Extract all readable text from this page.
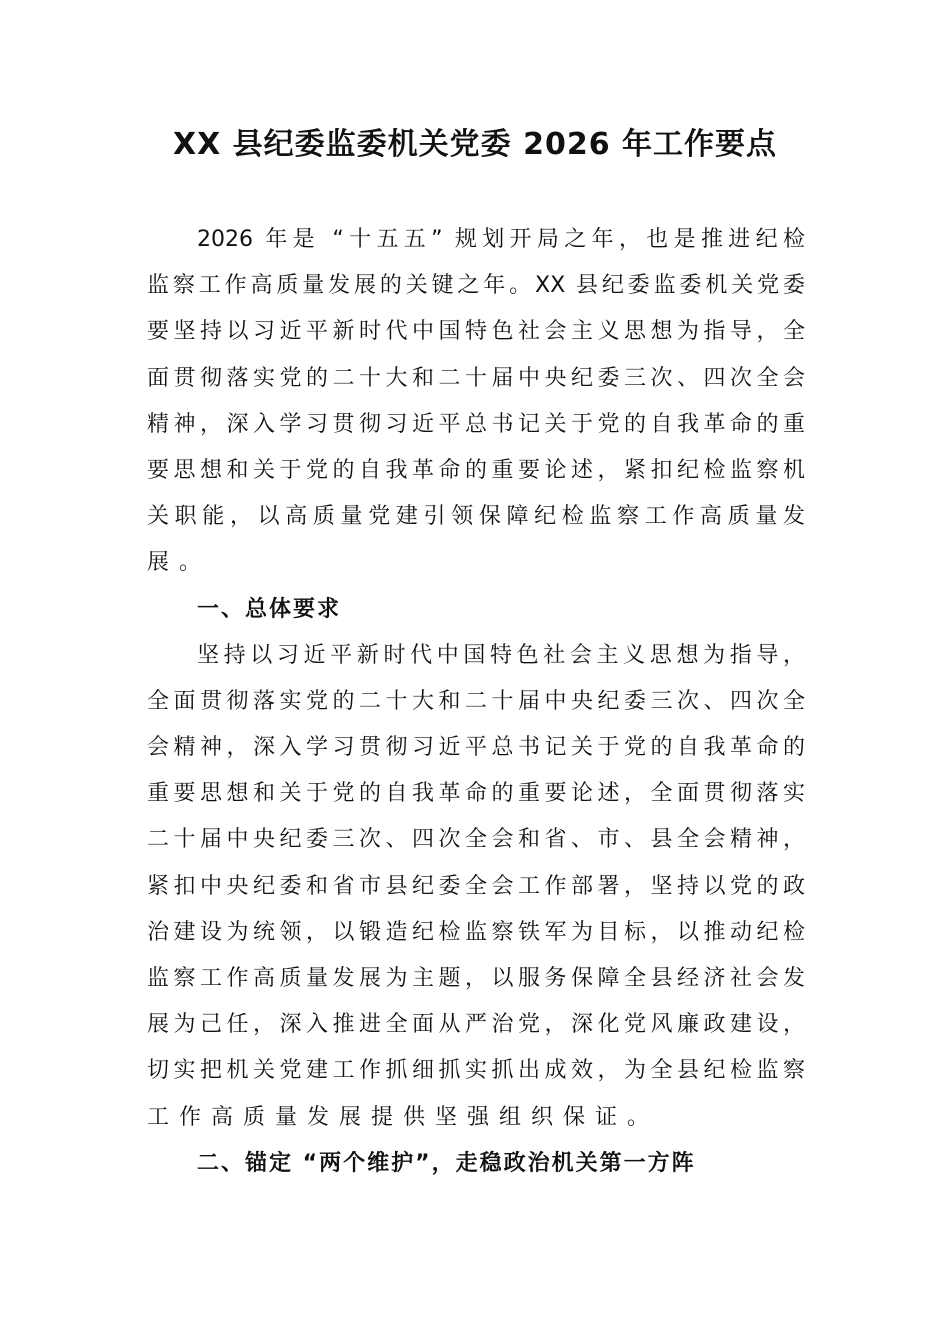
XX 县纪委监委机关党委 2026 年工作要点
2026 年是 “十五五” 规划开局之年，也是推进纪检
监察工作高质量发展的关键之年。XX 县纪委监委机关党委
要坚持以习近平新时代中国特色社会主义思想为指导，全
面贯彻落实党的二十大和二十届中央纪委三次、四次全会
精神，深入学习贯彻习近平总书记关于党的自我革命的重
要思想和关于党的自我革命的重要论述，紧扣纪检监察机
关职能，以高质量党建引领保障纪检监察工作高质量发
展。
一、总体要求
坚持以习近平新时代中国特色社会主义思想为指导，
全面贯彻落实党的二十大和二十届中央纪委三次、四次全
会精神，深入学习贯彻习近平总书记关于党的自我革命的
重要思想和关于党的自我革命的重要论述，全面贯彻落实
二十届中央纪委三次、四次全会和省、市、县全会精神，
紧扣中央纪委和省市县纪委全会工作部署，坚持以党的政
治建设为统领，以锻造纪检监察铁军为目标，以推动纪检
监察工作高质量发展为主题，以服务保障全县经济社会发
展为己任，深入推进全面从严治党，深化党风廉政建设，
切实把机关党建工作抓细抓实抓出成效，为全县纪检监察
工作高质量发展提供坚强组织保证。
二、锚定 “两个维护”，走稳政治机关第一方阵
